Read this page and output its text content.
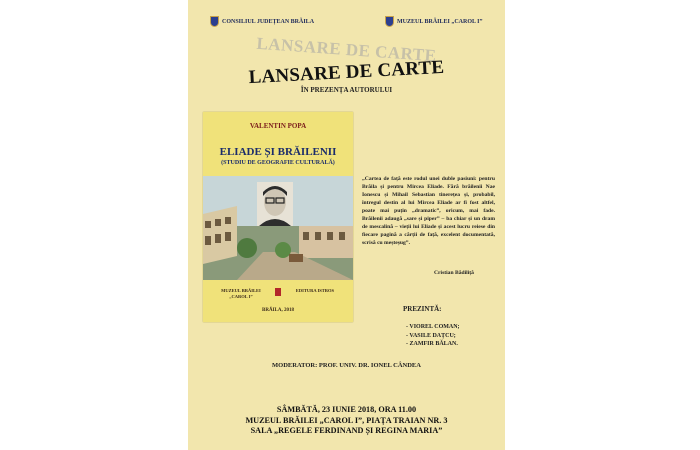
CONSILIUL JUDEȚEAN BRĂILA	MUZEUL BRĂILEI „CAROL I”
LANSARE DE CARTE
LANSARE DE CARTE
ÎN PREZENȚA AUTORULUI
MODERATOR: PROF. UNIV. DR. IONEL CÂNDEA
SÂMBĂTĂ, 23 IUNIE 2018, ORA 11.00
MUZEUL BRĂILEI „CAROL I”, PIAȚA TRAIAN NR. 3
SALA „REGELE FERDINAND ȘI REGINA MARIA”
VALENTIN POPA
ELIADE ȘI BRĂILENII
(STUDIU DE GEOGRAFIE CULTURALĂ)
MUZEUL BRĂILEI
„CAROL I”
EDITURA ISTROS
BRĂILA, 2018
„Cartea de față este rodul unei duble pasiuni: pentru Brăila și pentru Mircea Eliade. Fără brăilenii Nae Ionescu și Mihail Sebastian tinerețea și, probabil, întregul destin al lui Mircea Eliade ar fi fost altfel, poate mai puțin „dramatic”, oricum, mai fade. Brăilenii adaugă „sare și piper” – ba chiar și un dram de mescalină – vieții lui Eliade și acest lucru reiese din fiecare pagină a cărții de față, excelent documentată, scrisă cu meșteșug”.
Cristian Bădiliță
PREZINTĂ:
- VIOREL COMAN;
- VASILE DAȚCU;
- ZAMFIR BĂLAN.
